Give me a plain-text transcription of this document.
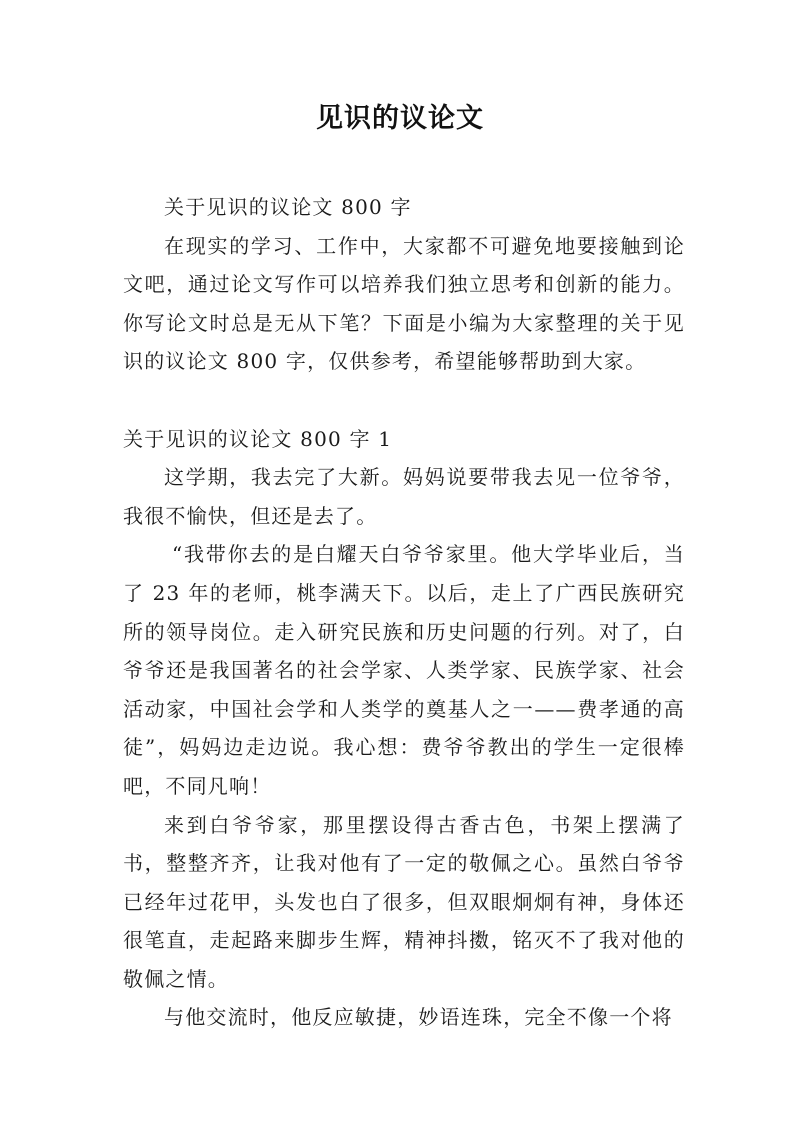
见识的议论文

关于见识的议论文 800 字

在现实的学习、工作中，大家都不可避免地要接触到论文吧，通过论文写作可以培养我们独立思考和创新的能力。你写论文时总是无从下笔？下面是小编为大家整理的关于见识的议论文 800 字，仅供参考，希望能够帮助到大家。

关于见识的议论文 800 字 1

这学期，我去完了大新。妈妈说要带我去见一位爷爷，我很不愉快，但还是去了。

“我带你去的是白耀天白爷爷家里。他大学毕业后，当了 23 年的老师，桃李满天下。以后，走上了广西民族研究所的领导岗位。走入研究民族和历史问题的行列。对了，白爷爷还是我国著名的社会学家、人类学家、民族学家、社会活动家，中国社会学和人类学的奠基人之一——费孝通的高徒”，妈妈边走边说。我心想：费爷爷教出的学生一定很棒吧，不同凡响！

来到白爷爷家，那里摆设得古香古色，书架上摆满了书，整整齐齐，让我对他有了一定的敬佩之心。虽然白爷爷已经年过花甲，头发也白了很多，但双眼炯炯有神，身体还很笔直，走起路来脚步生辉，精神抖擞，铭灭不了我对他的敬佩之情。

与他交流时，他反应敏捷，妙语连珠，完全不像一个将
